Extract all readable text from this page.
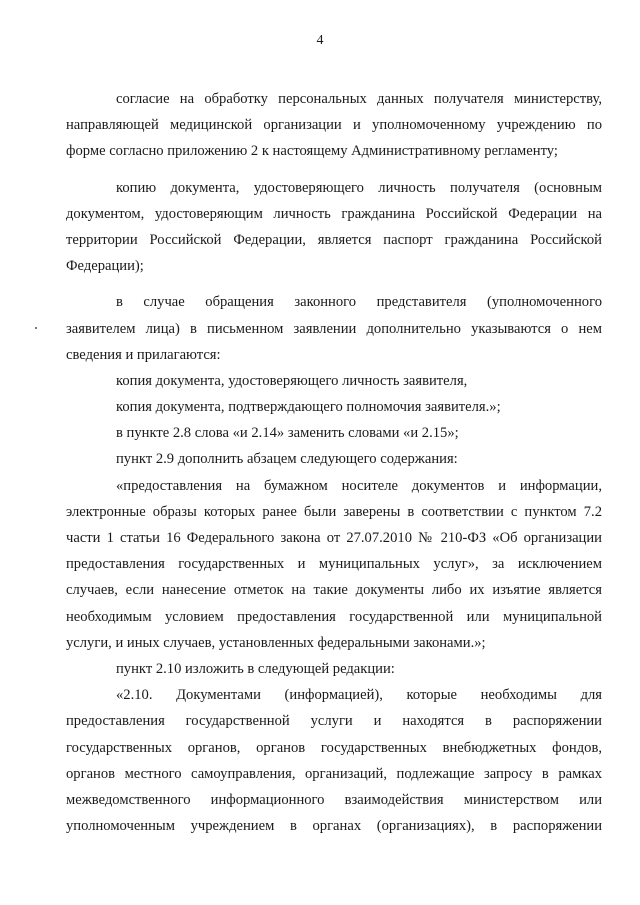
4
согласие на обработку персональных данных получателя министерству,
направляющей медицинской организации и уполномоченному учреждению по
форме согласно приложению 2 к настоящему Административному регламенту;
копию документа, удостоверяющего личность получателя (основным
документом, удостоверяющим личность гражданина Российской Федерации на
территории Российской Федерации, является паспорт гражданина Российской
Федерации);
в случае обращения законного представителя (уполномоченного
заявителем лица) в письменном заявлении дополнительно указываются о нем
сведения и прилагаются:
копия документа, удостоверяющего личность заявителя,
копия документа, подтверждающего полномочия заявителя.»;
в пункте 2.8 слова «и 2.14» заменить словами «и 2.15»;
пункт 2.9 дополнить абзацем следующего содержания:
«предоставления на бумажном носителе документов и информации,
электронные образы которых ранее были заверены в соответствии с пунктом 7.2
части 1 статьи 16 Федерального закона от 27.07.2010 № 210-ФЗ «Об организации
предоставления государственных и муниципальных услуг», за исключением
случаев, если нанесение отметок на такие документы либо их изъятие является
необходимым условием предоставления государственной или муниципальной
услуги, и иных случаев, установленных федеральными законами.»;
пункт 2.10 изложить в следующей редакции:
«2.10. Документами (информацией), которые необходимы для
предоставления государственной услуги и находятся в распоряжении
государственных органов, органов государственных внебюджетных фондов,
органов местного самоуправления, организаций, подлежащие запросу в рамках
межведомственного информационного взаимодействия министерством или
уполномоченным учреждением в органах (организациях), в распоряжении
